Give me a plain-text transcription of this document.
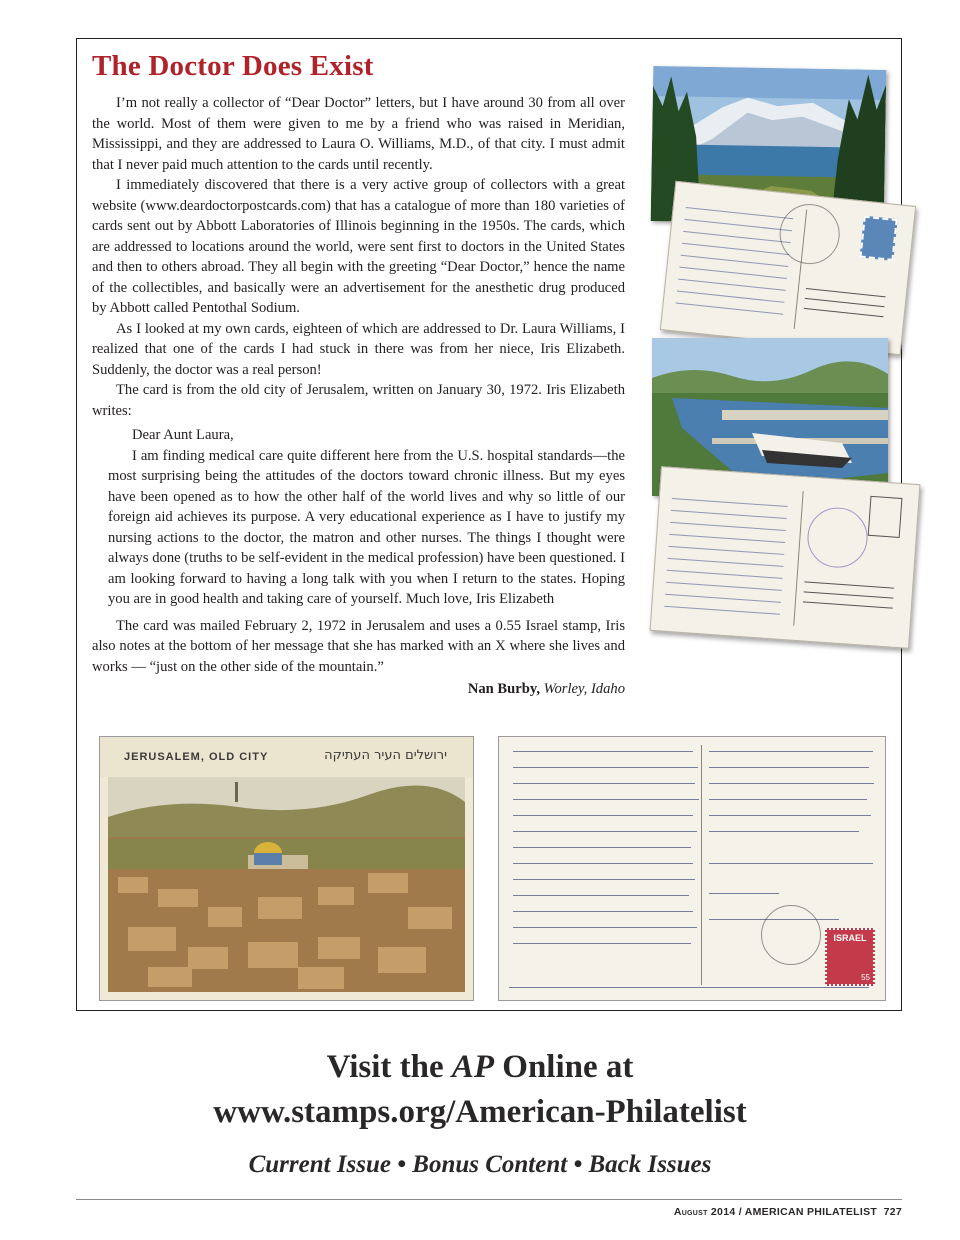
The Doctor Does Exist

I’m not really a collector of “Dear Doctor” letters, but I have around 30 from all over the world. Most of them were given to me by a friend who was raised in Meridian, Mississippi, and they are addressed to Laura O. Williams, M.D., of that city. I must admit that I never paid much attention to the cards until recently.

I immediately discovered that there is a very active group of collectors with a great website (www.deardoctorpostcards.com) that has a catalogue of more than 180 varieties of cards sent out by Abbott Laboratories of Illinois beginning in the 1950s. The cards, which are addressed to locations around the world, were sent first to doctors in the United States and then to others abroad. They all begin with the greeting “Dear Doctor,” hence the name of the collectibles, and basically were an advertisement for the anesthetic drug produced by Abbott called Pentothal Sodium.

As I looked at my own cards, eighteen of which are addressed to Dr. Laura Williams, I realized that one of the cards I had stuck in there was from her niece, Iris Elizabeth. Suddenly, the doctor was a real person!

The card is from the old city of Jerusalem, written on January 30, 1972. Iris Elizabeth writes:

Dear Aunt Laura,

I am finding medical care quite different here from the U.S. hospital standards—the most surprising being the attitudes of the doctors toward chronic illness. But my eyes have been opened as to how the other half of the world lives and why so little of our foreign aid achieves its purpose. A very educational experience as I have to justify my nursing actions to the doctor, the matron and other nurses. The things I thought were always done (truths to be self-evident in the medical profession) have been questioned. I am looking forward to having a long talk with you when I return to the states. Hoping you are in good health and taking care of yourself. Much love, Iris Elizabeth

The card was mailed February 2, 1972 in Jerusalem and uses a 0.55 Israel stamp, Iris also notes at the bottom of her message that she has marked with an X where she lives and works — “just on the other side of the mountain.”

Nan Burby, Worley, Idaho
JERUSALEM, OLD CITY	ירושלים העיר העתיקה
ISRAEL
55
Visit the AP Online at
www.stamps.org/American-Philatelist
Current Issue • Bonus Content • Back Issues
August 2014 / AMERICAN PHILATELIST 727
